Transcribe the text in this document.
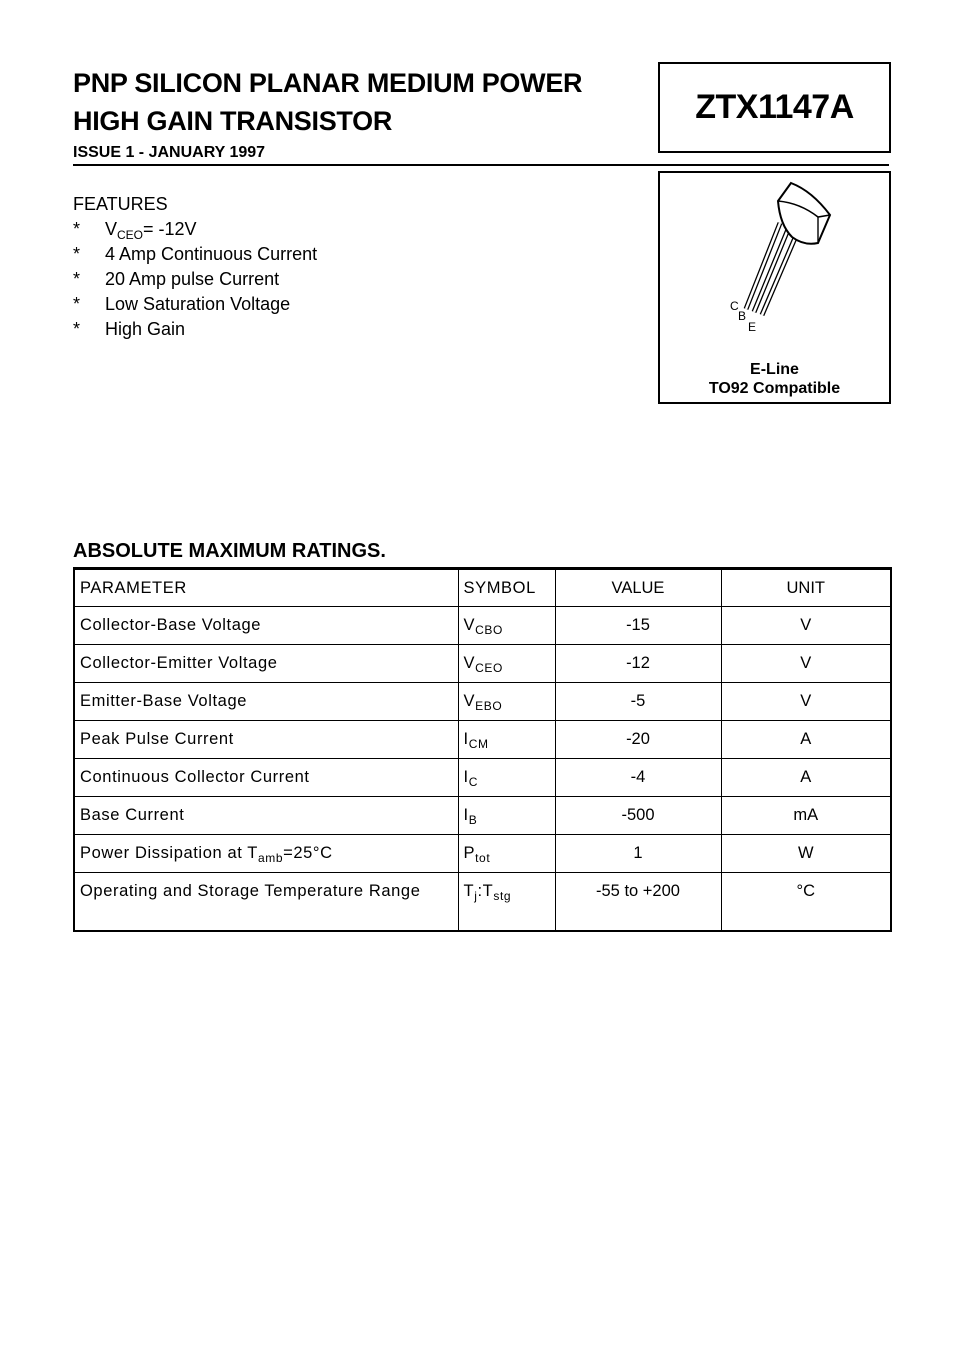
PNP SILICON PLANAR MEDIUM POWER
HIGH GAIN TRANSISTOR
ISSUE 1 - JANUARY 1997
ZTX1147A
C
B
E
E-Line
TO92 Compatible
FEATURES
* $V_{CEO}= -12V$
* 4 Amp Continuous Current
* 20 Amp pulse Current
* Low Saturation Voltage
* High Gain
ABSOLUTE MAXIMUM RATINGS.
PARAMETER	SYMBOL	VALUE	UNIT
Collector-Base Voltage	$V_{CBO}$	-15	V
Collector-Emitter Voltage	$V_{CEO}$	-12	V
Emitter-Base Voltage	$V_{EBO}$	-5	V
Peak Pulse Current	$I_{CM}$	-20	A
Continuous Collector Current	$I_C$	-4	A
Base Current	$I_B$	-500	mA
Power Dissipation at $T_{amb}=25^\circ C$	$P_{tot}$	1	W
Operating and Storage Temperature Range	$T_j:T_{stg}$	-55 to +200	°C
